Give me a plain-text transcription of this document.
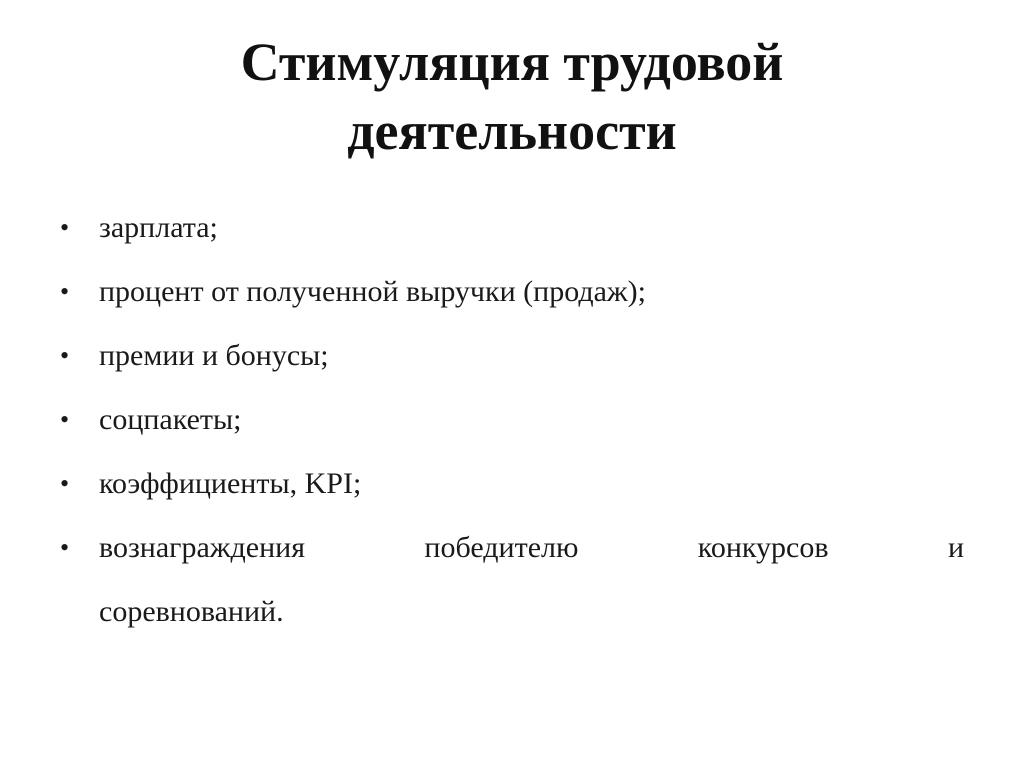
Стимуляция трудовой
деятельности
• зарплата;
• процент от полученной выручки (продаж);
• премии и бонусы;
• соцпакеты;
• коэффициенты, KPI;
• вознаграждения победителю конкурсов и
соревнований.
